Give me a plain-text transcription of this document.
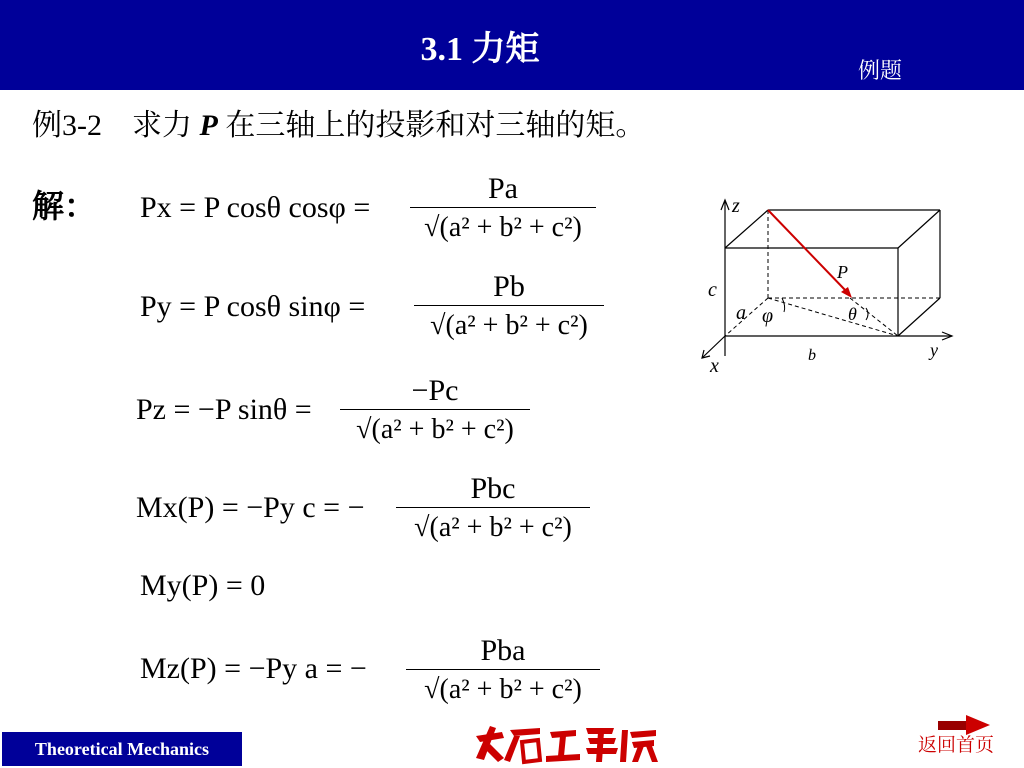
3.1 力矩
例题
例3-2 求力 P 在三轴上的投影和对三轴的矩。
解： Px = P cosθ cosφ =
Pa
√(a² + b² + c²)
Py = P cosθ sinφ =
Pb
√(a² + b² + c²)
Pz = −P sinθ =
−Pc
√(a² + b² + c²)
Mx(P) = −Py c = −
Pbc
√(a² + b² + c²)
My(P) = 0
Mz(P) = −Py a = −
Pba
√(a² + b² + c²)
z
y
x
P
a
b
c
φ	θ
Theoretical Mechanics	返回首页
